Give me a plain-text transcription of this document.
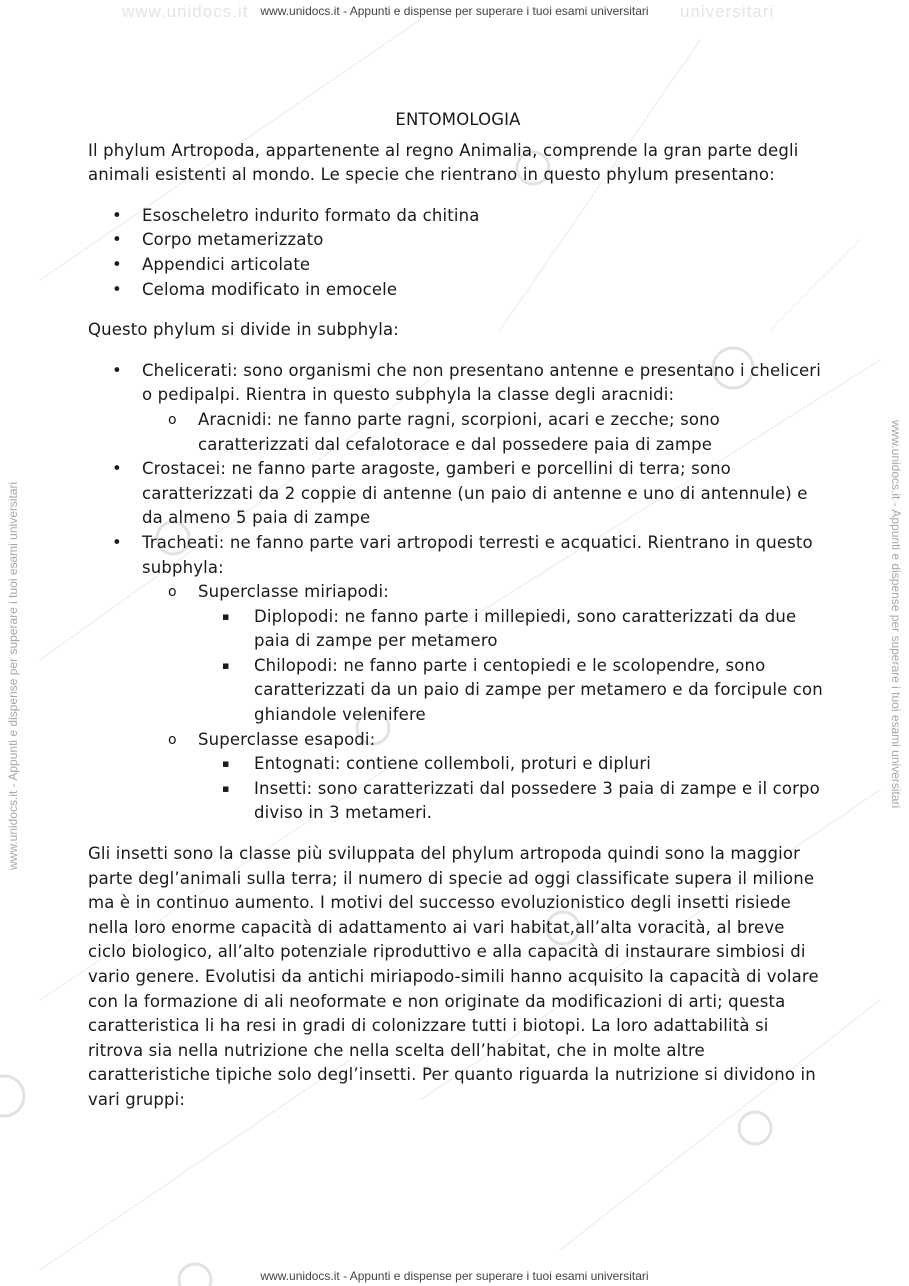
www.unidocs.it	universitari
www.unidocs.it - Appunti e dispense per superare i tuoi esami universitari
www.unidocs.it - Appunti e dispense per superare i tuoi esami universitari
www.unidocs.it - Appunti e dispense per superare i tuoi esami universitari	www.unidocs.it - Appunti e dispense per superare i tuoi esami universitari

ENTOMOLOGIA

Il phylum Artropoda, appartenente al regno Animalia, comprende la gran parte degli animali esistenti al mondo. Le specie che rientrano in questo phylum presentano:

• Esoscheletro indurito formato da chitina
• Corpo metamerizzato
• Appendici articolate
• Celoma modificato in emocele

Questo phylum si divide in subphyla:

• Chelicerati: sono organismi che non presentano antenne e presentano i cheliceri o pedipalpi. Rientra in questo subphyla la classe degli aracnidi:
o Aracnidi: ne fanno parte ragni, scorpioni, acari e zecche; sono caratterizzati dal cefalotorace e dal possedere paia di zampe
• Crostacei: ne fanno parte aragoste, gamberi e porcellini di terra; sono caratterizzati da 2 coppie di antenne (un paio di antenne e uno di antennule) e da almeno 5 paia di zampe
• Tracheati: ne fanno parte vari artropodi terresti e acquatici. Rientrano in questo subphyla:
o Superclasse miriapodi:
▪ Diplopodi: ne fanno parte i millepiedi, sono caratterizzati da due paia di zampe per metamero
▪ Chilopodi: ne fanno parte i centopiedi e le scolopendre, sono caratterizzati da un paio di zampe per metamero e da forcipule con ghiandole velenifere
o Superclasse esapodi:
▪ Entognati: contiene collemboli, proturi e dipluri
▪ Insetti: sono caratterizzati dal possedere 3 paia di zampe e il corpo diviso in 3 metameri.

Gli insetti sono la classe più sviluppata del phylum artropoda quindi sono la maggior parte degl’animali sulla terra; il numero di specie ad oggi classificate supera il milione ma è in continuo aumento. I motivi del successo evoluzionistico degli insetti risiede nella loro enorme capacità di adattamento ai vari habitat,all’alta voracità, al breve ciclo biologico, all’alto potenziale riproduttivo e alla capacità di instaurare simbiosi di vario genere. Evolutisi da antichi miriapodo-simili hanno acquisito la capacità di volare con la formazione di ali neoformate e non originate da modificazioni di arti; questa caratteristica li ha resi in gradi di colonizzare tutti i biotopi. La loro adattabilità si ritrova sia nella nutrizione che nella scelta dell’habitat, che in molte altre caratteristiche tipiche solo degl’insetti. Per quanto riguarda la nutrizione si dividono in vari gruppi:
